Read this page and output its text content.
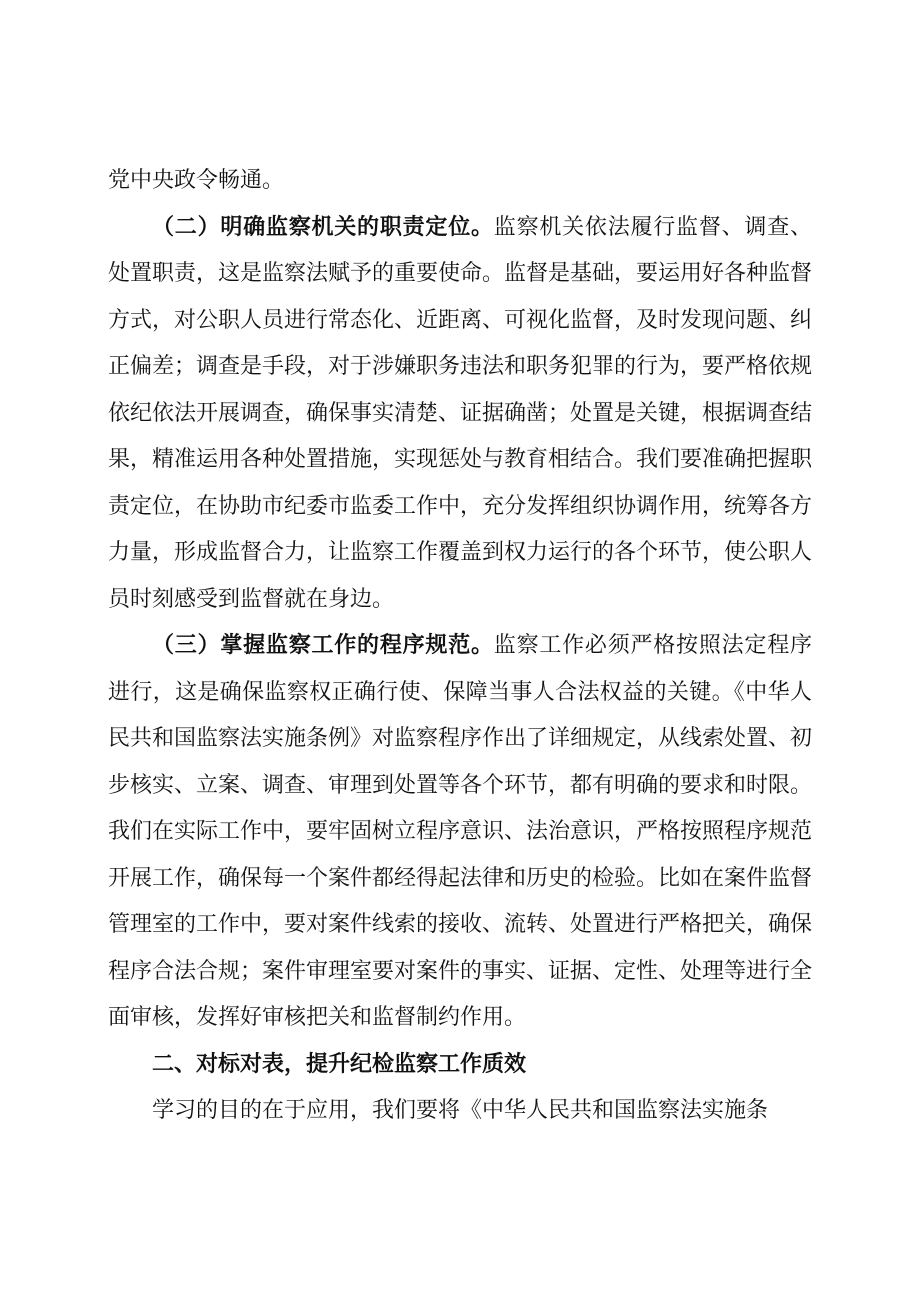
党中央政令畅通。

（二）明确监察机关的职责定位。监察机关依法履行监督、调查、处置职责，这是监察法赋予的重要使命。监督是基础，要运用好各种监督方式，对公职人员进行常态化、近距离、可视化监督，及时发现问题、纠正偏差；调查是手段，对于涉嫌职务违法和职务犯罪的行为，要严格依规依纪依法开展调查，确保事实清楚、证据确凿；处置是关键，根据调查结果，精准运用各种处置措施，实现惩处与教育相结合。我们要准确把握职责定位，在协助市纪委市监委工作中，充分发挥组织协调作用，统筹各方力量，形成监督合力，让监察工作覆盖到权力运行的各个环节，使公职人员时刻感受到监督就在身边。

（三）掌握监察工作的程序规范。监察工作必须严格按照法定程序进行，这是确保监察权正确行使、保障当事人合法权益的关键。《中华人民共和国监察法实施条例》对监察程序作出了详细规定，从线索处置、初步核实、立案、调查、审理到处置等各个环节，都有明确的要求和时限。我们在实际工作中，要牢固树立程序意识、法治意识，严格按照程序规范开展工作，确保每一个案件都经得起法律和历史的检验。比如在案件监督管理室的工作中，要对案件线索的接收、流转、处置进行严格把关，确保程序合法合规；案件审理室要对案件的事实、证据、定性、处理等进行全面审核，发挥好审核把关和监督制约作用。

二、对标对表，提升纪检监察工作质效

学习的目的在于应用，我们要将《中华人民共和国监察法实施条
